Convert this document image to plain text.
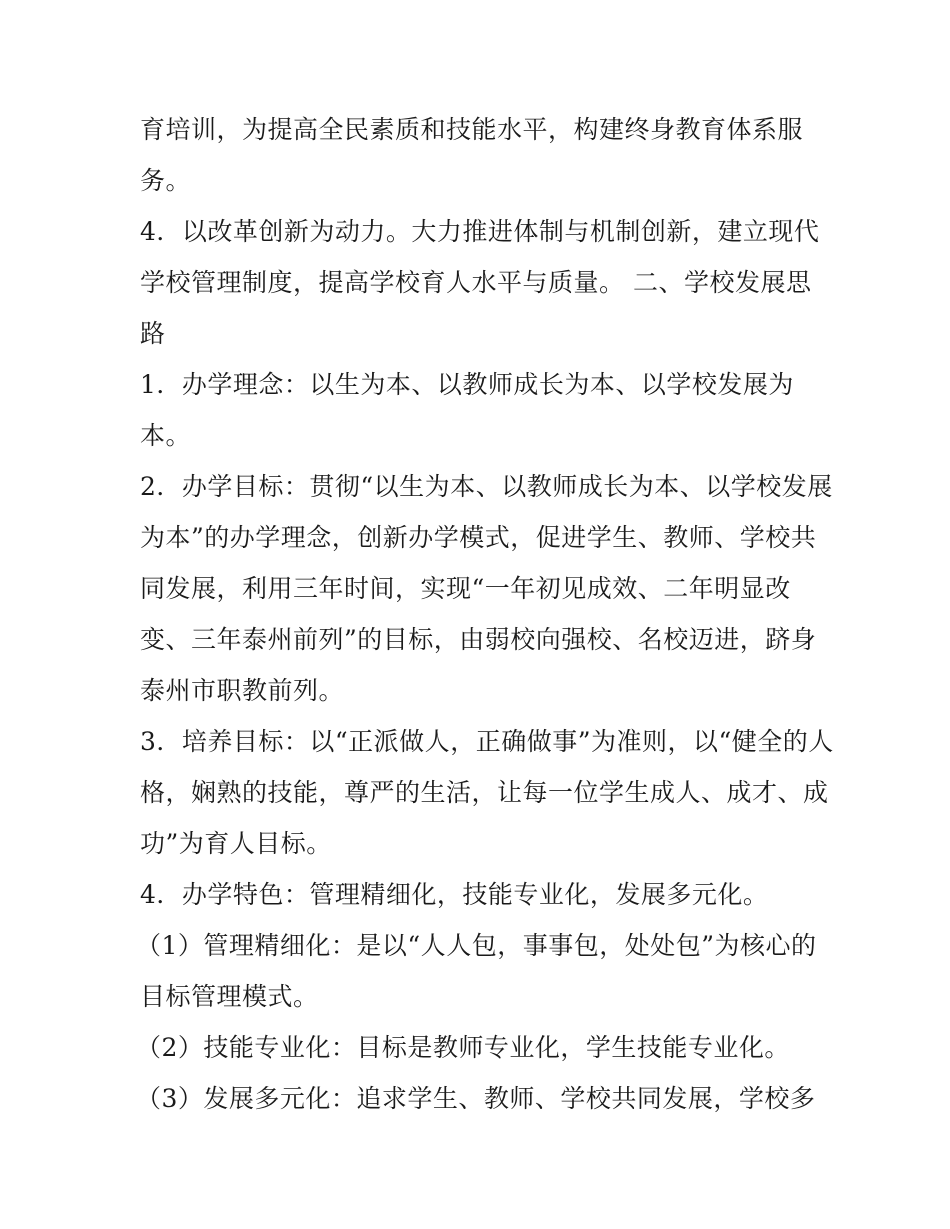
育培训，为提高全民素质和技能水平，构建终身教育体系服
务。
4．以改革创新为动力。大力推进体制与机制创新，建立现代
学校管理制度，提高学校育人水平与质量。 二、学校发展思
路
1．办学理念：以生为本、以教师成长为本、以学校发展为
本。
2．办学目标：贯彻“以生为本、以教师成长为本、以学校发展
为本”的办学理念，创新办学模式，促进学生、教师、学校共
同发展，利用三年时间，实现“一年初见成效、二年明显改
变、三年泰州前列”的目标，由弱校向强校、名校迈进，跻身
泰州市职教前列。
3．培养目标：以“正派做人，正确做事”为准则，以“健全的人
格，娴熟的技能，尊严的生活，让每一位学生成人、成才、成
功”为育人目标。
4．办学特色：管理精细化，技能专业化，发展多元化。
（1）管理精细化：是以“人人包，事事包，处处包”为核心的
目标管理模式。
（2）技能专业化：目标是教师专业化，学生技能专业化。
（3）发展多元化：追求学生、教师、学校共同发展，学校多
